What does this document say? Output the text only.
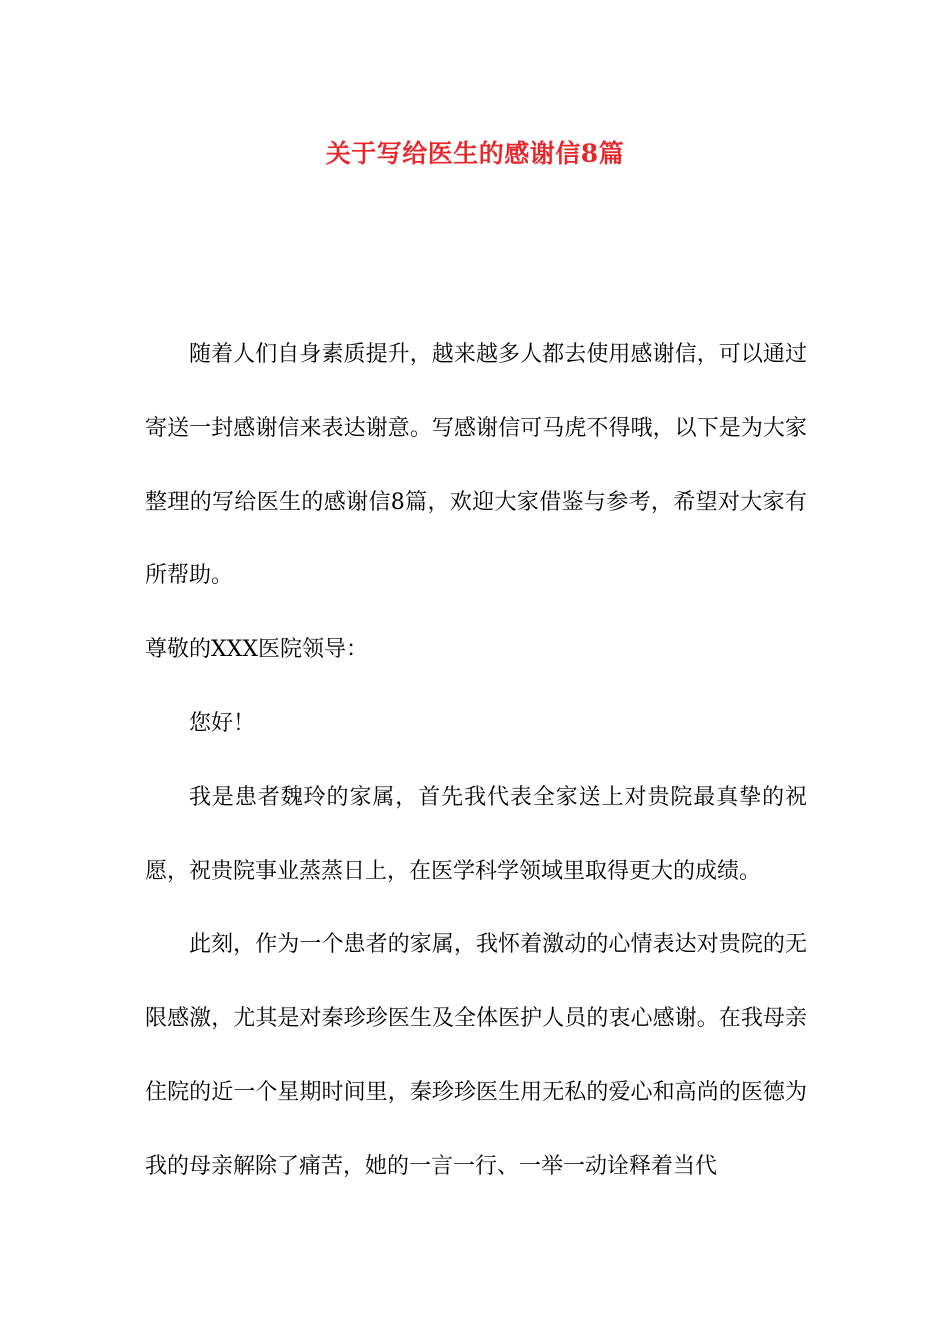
关于写给医生的感谢信8篇

随着人们自身素质提升，越来越多人都去使用感谢信，可以通过寄送一封感谢信来表达谢意。写感谢信可马虎不得哦，以下是为大家整理的写给医生的感谢信8篇，欢迎大家借鉴与参考，希望对大家有所帮助。

尊敬的XXX医院领导：

您好！

我是患者魏玲的家属，首先我代表全家送上对贵院最真挚的祝愿，祝贵院事业蒸蒸日上，在医学科学领域里取得更大的成绩。

此刻，作为一个患者的家属，我怀着激动的心情表达对贵院的无限感激，尤其是对秦珍珍医生及全体医护人员的衷心感谢。在我母亲住院的近一个星期时间里，秦珍珍医生用无私的爱心和高尚的医德为我的母亲解除了痛苦，她的一言一行、一举一动诠释着当代
